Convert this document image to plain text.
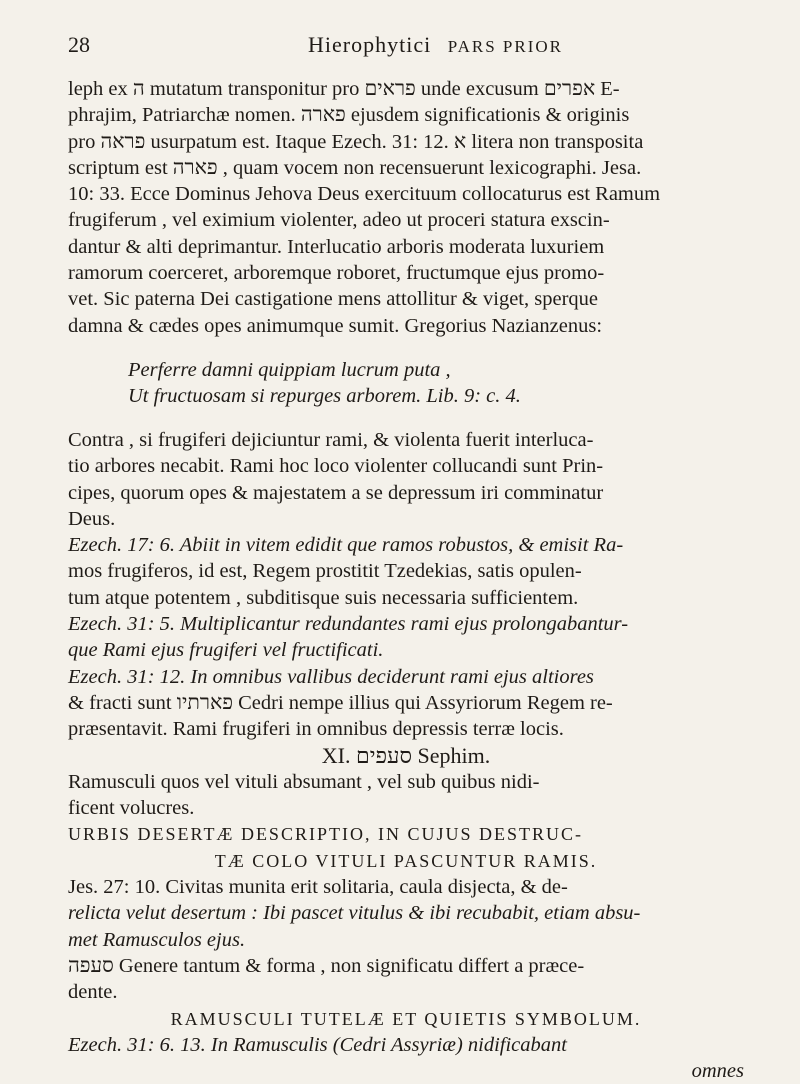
28	Hierophytici PARS PRIOR
leph ex ה mutatum transponitur pro פראים unde excusum אפרים E-
phrajim, Patriarchæ nomen. פארה ejusdem significationis & originis
pro פראה usurpatum est. Itaque Ezech. 31: 12. א litera non transposita
scriptum est פארה , quam vocem non recensuerunt lexicographi. Jesa.
10: 33. Ecce Dominus Jehova Deus exercituum collocaturus est Ramum
frugiferum , vel eximium violenter, adeo ut proceri statura exscin-
dantur & alti deprimantur. Interlucatio arboris moderata luxuriem
ramorum coerceret, arboremque roboret, fructumque ejus promo-
vet. Sic paterna Dei castigatione mens attollitur & viget, sperque
damna & cædes opes animumque sumit. Gregorius Nazianzenus:
Perferre damni quippiam lucrum puta ,
Ut fructuosam si repurges arborem. Lib. 9: c. 4.
Contra , si frugiferi dejiciuntur rami, & violenta fuerit interluca-
tio arbores necabit. Rami hoc loco violenter collucandi sunt Prin-
cipes, quorum opes & majestatem a se depressum iri comminatur
Deus.
Ezech. 17: 6. Abiit in vitem edidit que ramos robustos, & emisit Ra-
mos frugiferos, id est, Regem prostitit Tzedekias, satis opulen-
tum atque potentem , subditisque suis necessaria sufficientem.
Ezech. 31: 5. Multiplicantur redundantes rami ejus prolongabantur-
que Rami ejus frugiferi vel fructificati.
Ezech. 31: 12. In omnibus vallibus deciderunt rami ejus altiores
& fracti sunt פארתיו Cedri nempe illius qui Assyriorum Regem re-
præsentavit. Rami frugiferi in omnibus depressis terræ locis.
XI. סעפים Sephim.
Ramusculi quos vel vituli absumant , vel sub quibus nidi-
ficent volucres.
URBIS DESERTÆ DESCRIPTIO, IN CUJUS DESTRUC-
TÆ COLO VITULI PASCUNTUR RAMIS.
Jes. 27: 10. Civitas munita erit solitaria, caula disjecta, & de-
relicta velut desertum : Ibi pascet vitulus & ibi recubabit, etiam absu-
met Ramusculos ejus.
סעפה Genere tantum & forma , non significatu differt a præce-
dente.
RAMUSCULI TUTELÆ ET QUIETIS SYMBOLUM.
Ezech. 31: 6. 13. In Ramusculis (Cedri Assyriæ) nidificabant
omnes
